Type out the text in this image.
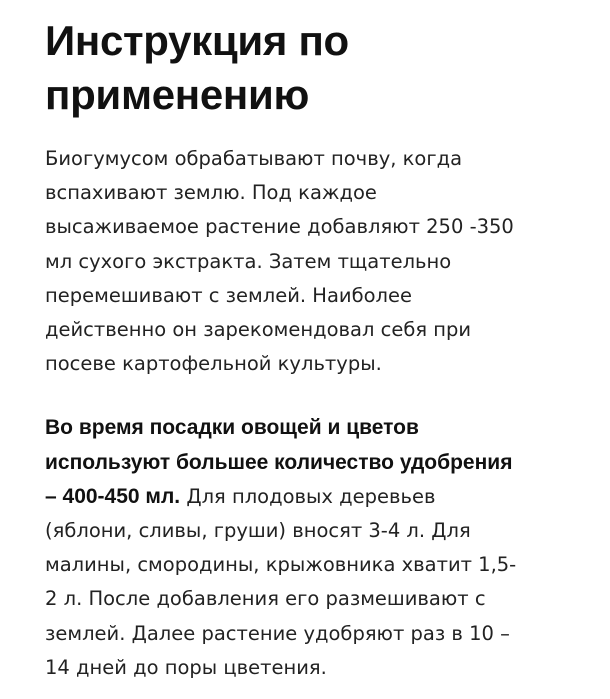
Инструкция по
применению

Биогумусом обрабатывают почву, когда
вспахивают землю. Под каждое
высаживаемое растение добавляют 250 -350
мл сухого экстракта. Затем тщательно
перемешивают с землей. Наиболее
действенно он зарекомендовал себя при
посеве картофельной культуры.

Во время посадки овощей и цветов
используют большее количество удобрения
– 400-450 мл. Для плодовых деревьев
(яблони, сливы, груши) вносят 3-4 л. Для
малины, смородины, крыжовника хватит 1,5-
2 л. После добавления его размешивают с
землей. Далее растение удобряют раз в 10 –
14 дней до поры цветения.
